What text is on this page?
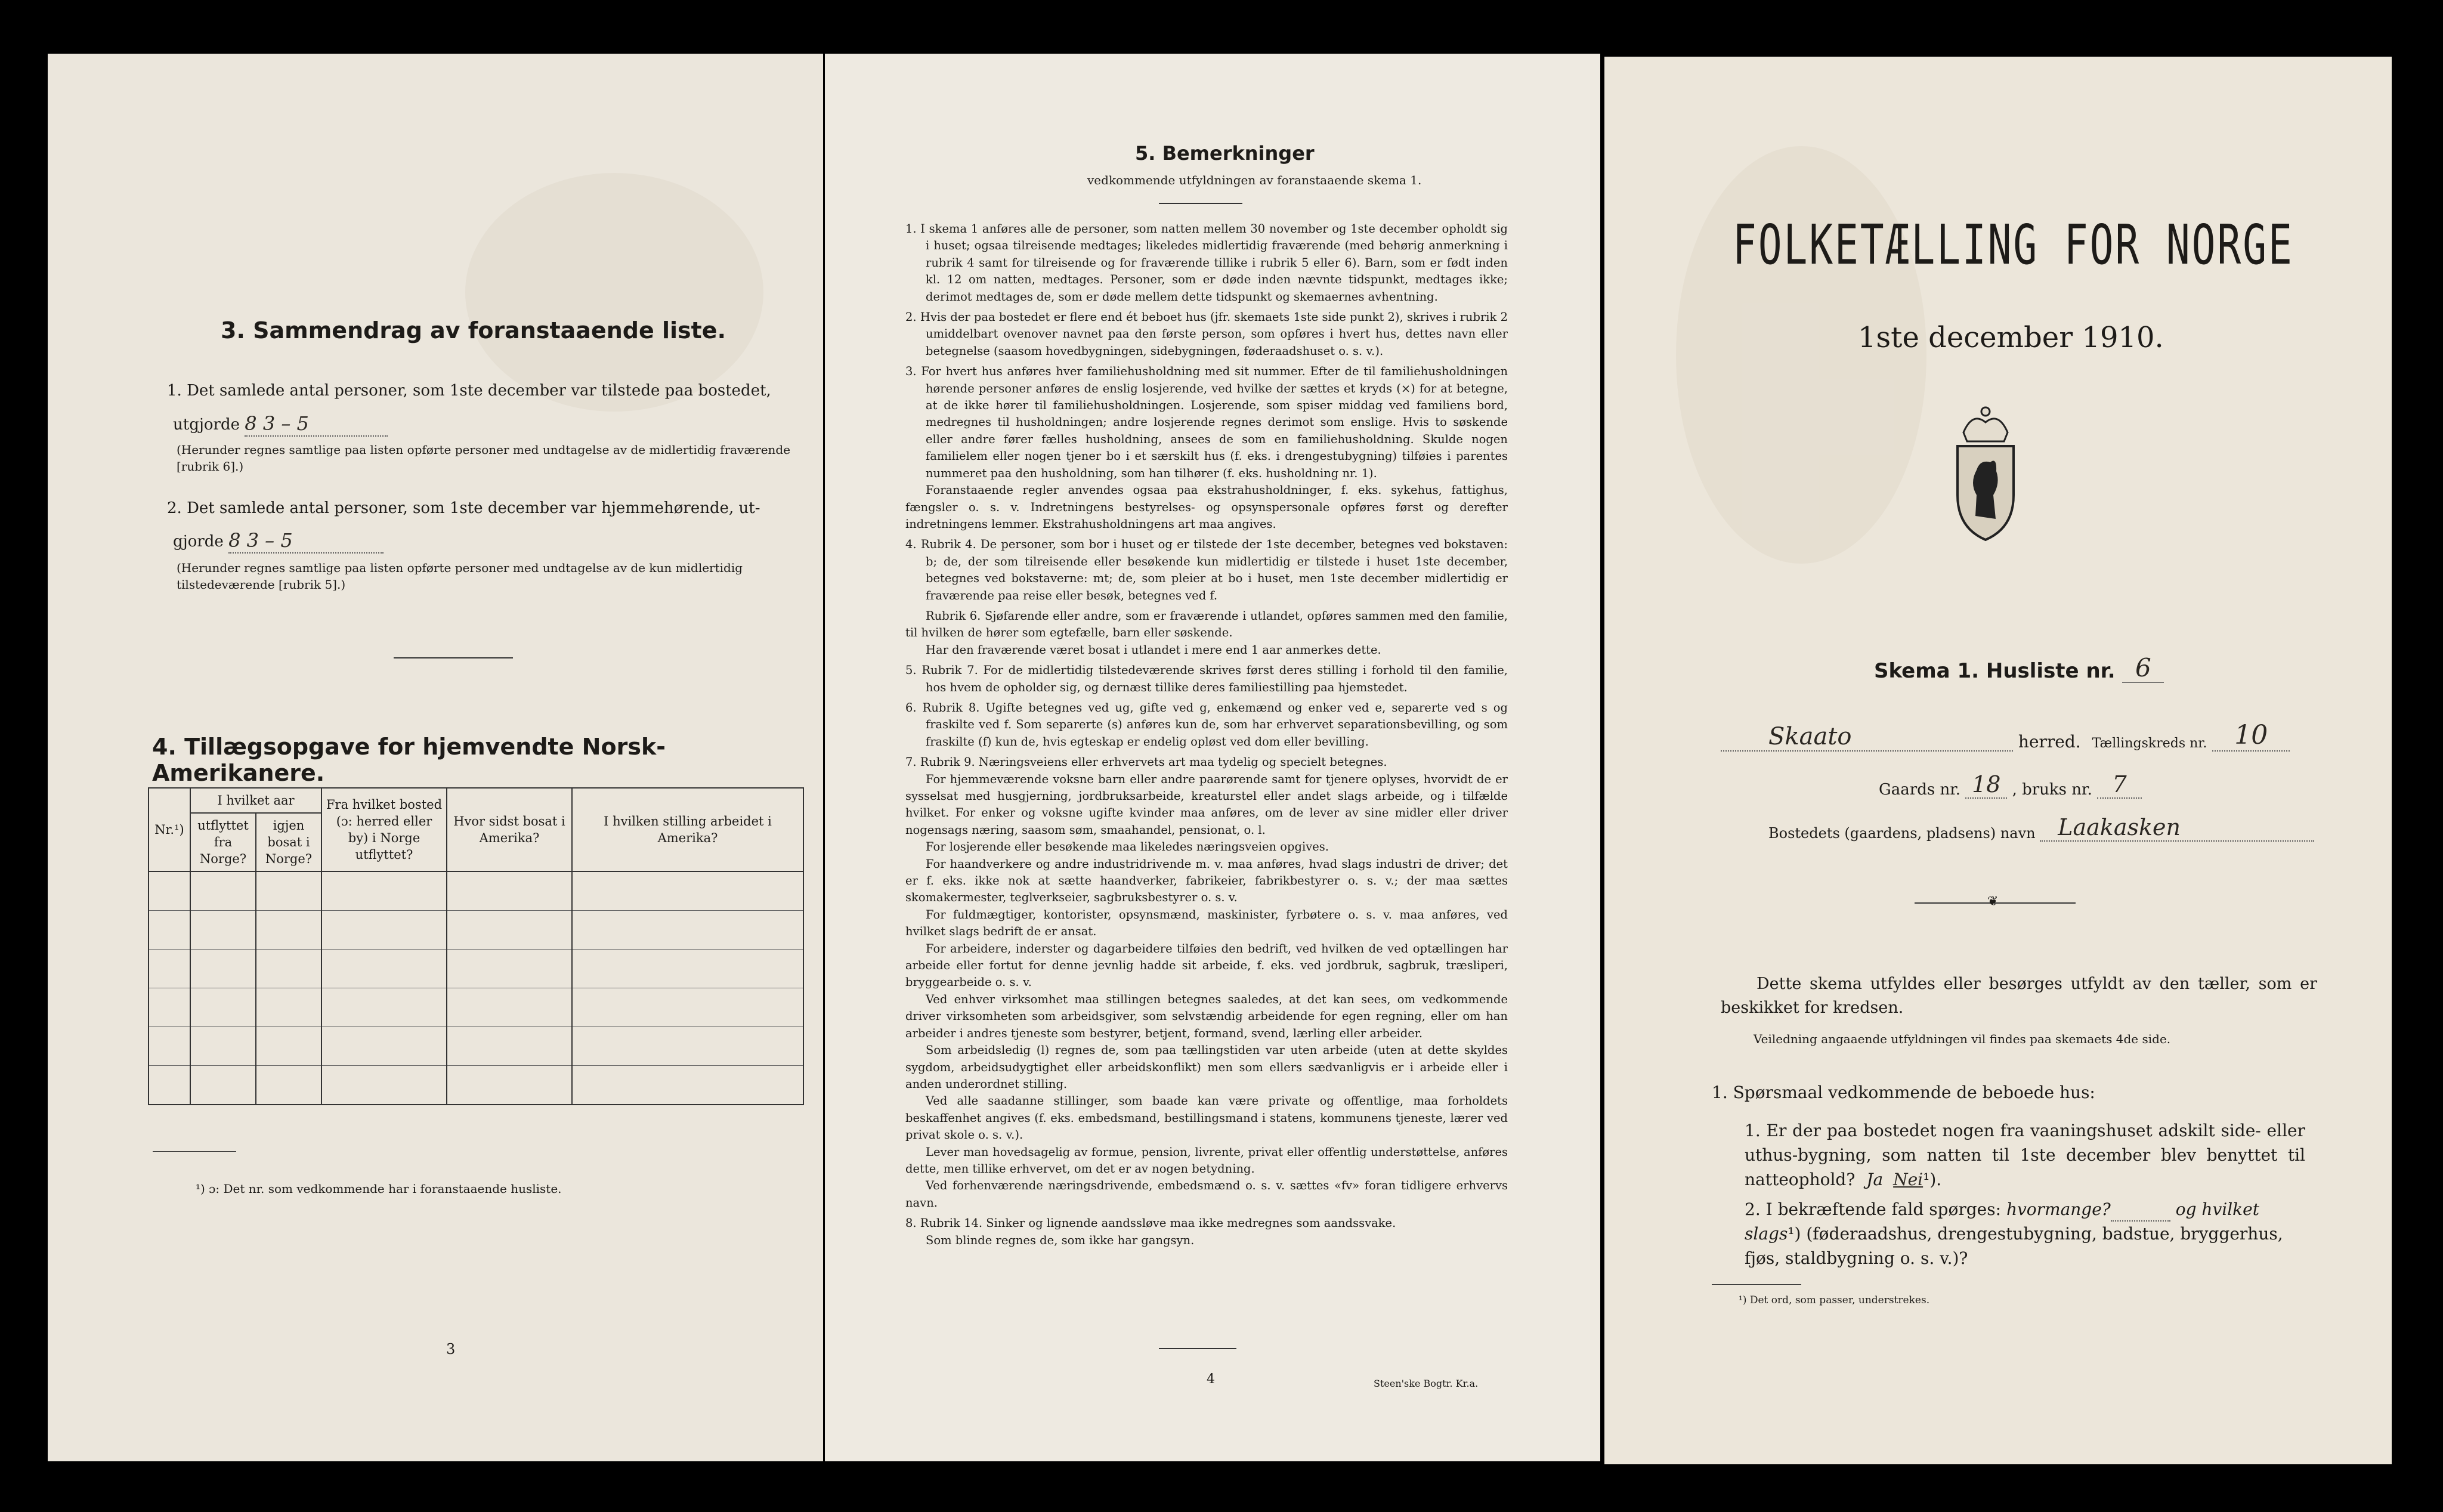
3. Sammendrag av foranstaaende liste.
1. Det samlede antal personer, som 1ste december var tilstede paa bostedet,
utgjorde 8 3 – 5
(Herunder regnes samtlige paa listen opførte personer med undtagelse av de midlertidig fraværende [rubrik 6].)
2. Det samlede antal personer, som 1ste december var hjemmehørende, ut-
gjorde 8 3 – 5
(Herunder regnes samtlige paa listen opførte personer med undtagelse av de kun midlertidig tilstedeværende [rubrik 5].)
4. Tillægsopgave for hjemvendte Norsk-Amerikanere.
Nr.¹)	I hvilket aar		Fra hvilket bosted (ɔ: herred eller by) i Norge utflyttet?	Hvor sidst bosat i Amerika?	I hvilken stilling arbeidet i Amerika?
	utflyttet fra Norge?	igjen bosat i Norge?			

¹) ɔ: Det nr. som vedkommende har i foranstaaende husliste.
3
5. Bemerkninger
vedkommende utfyldningen av foranstaaende skema 1.

1. I skema 1 anføres alle de personer, som natten mellem 30 november og 1ste december opholdt sig i huset; ogsaa tilreisende medtages; likeledes midlertidig fraværende (med behørig anmerkning i rubrik 4 samt for tilreisende og for fraværende tillike i rubrik 5 eller 6). Barn, som er født inden kl. 12 om natten, medtages. Personer, som er døde inden nævnte tidspunkt, medtages ikke; derimot medtages de, som er døde mellem dette tidspunkt og skemaernes avhentning.

2. Hvis der paa bostedet er flere end ét beboet hus (jfr. skemaets 1ste side punkt 2), skrives i rubrik 2 umiddelbart ovenover navnet paa den første person, som opføres i hvert hus, dettes navn eller betegnelse (saasom hovedbygningen, sidebygningen, føderaadshuset o. s. v.).

3. For hvert hus anføres hver familiehusholdning med sit nummer. Efter de til familiehusholdningen hørende personer anføres de enslig losjerende, ved hvilke der sættes et kryds (×) for at betegne, at de ikke hører til familiehusholdningen. Losjerende, som spiser middag ved familiens bord, medregnes til husholdningen; andre losjerende regnes derimot som enslige. Hvis to søskende eller andre fører fælles husholdning, ansees de som en familiehusholdning. Skulde nogen familielem eller nogen tjener bo i et særskilt hus (f. eks. i drengestubygning) tilføies i parentes nummeret paa den husholdning, som han tilhører (f. eks. husholdning nr. 1).

Foranstaaende regler anvendes ogsaa paa ekstrahusholdninger, f. eks. sykehus, fattighus, fængsler o. s. v. Indretningens bestyrelses- og opsynspersonale opføres først og derefter indretningens lemmer. Ekstrahusholdningens art maa angives.

4. Rubrik 4. De personer, som bor i huset og er tilstede der 1ste december, betegnes ved bokstaven: b; de, der som tilreisende eller besøkende kun midlertidig er tilstede i huset 1ste december, betegnes ved bokstaverne: mt; de, som pleier at bo i huset, men 1ste december midlertidig er fraværende paa reise eller besøk, betegnes ved f.

Rubrik 6. Sjøfarende eller andre, som er fraværende i utlandet, opføres sammen med den familie, til hvilken de hører som egtefælle, barn eller søskende.

Har den fraværende været bosat i utlandet i mere end 1 aar anmerkes dette.

5. Rubrik 7. For de midlertidig tilstedeværende skrives først deres stilling i forhold til den familie, hos hvem de opholder sig, og dernæst tillike deres familiestilling paa hjemstedet.

6. Rubrik 8. Ugifte betegnes ved ug, gifte ved g, enkemænd og enker ved e, separerte ved s og fraskilte ved f. Som separerte (s) anføres kun de, som har erhvervet separationsbevilling, og som fraskilte (f) kun de, hvis egteskap er endelig opløst ved dom eller bevilling.

7. Rubrik 9. Næringsveiens eller erhvervets art maa tydelig og specielt betegnes.

For hjemmeværende voksne barn eller andre paarørende samt for tjenere oplyses, hvorvidt de er sysselsat med husgjerning, jordbruksarbeide, kreaturstel eller andet slags arbeide, og i tilfælde hvilket. For enker og voksne ugifte kvinder maa anføres, om de lever av sine midler eller driver nogensags næring, saasom søm, smaahandel, pensionat, o. l.

For losjerende eller besøkende maa likeledes næringsveien opgives.

For haandverkere og andre industridrivende m. v. maa anføres, hvad slags industri de driver; det er f. eks. ikke nok at sætte haandverker, fabrikeier, fabrikbestyrer o. s. v.; der maa sættes skomakermester, teglverkseier, sagbruksbestyrer o. s. v.

For fuldmægtiger, kontorister, opsynsmænd, maskinister, fyrbøtere o. s. v. maa anføres, ved hvilket slags bedrift de er ansat.

For arbeidere, inderster og dagarbeidere tilføies den bedrift, ved hvilken de ved optællingen har arbeide eller fortut for denne jevnlig hadde sit arbeide, f. eks. ved jordbruk, sagbruk, træsliperi, bryggearbeide o. s. v.

Ved enhver virksomhet maa stillingen betegnes saaledes, at det kan sees, om vedkommende driver virksomheten som arbeidsgiver, som selvstændig arbeidende for egen regning, eller om han arbeider i andres tjeneste som bestyrer, betjent, formand, svend, lærling eller arbeider.

Som arbeidsledig (l) regnes de, som paa tællingstiden var uten arbeide (uten at dette skyldes sygdom, arbeidsudygtighet eller arbeidskonflikt) men som ellers sædvanligvis er i arbeide eller i anden underordnet stilling.

Ved alle saadanne stillinger, som baade kan være private og offentlige, maa forholdets beskaffenhet angives (f. eks. embedsmand, bestillingsmand i statens, kommunens tjeneste, lærer ved privat skole o. s. v.).

Lever man hovedsagelig av formue, pension, livrente, privat eller offentlig understøttelse, anføres dette, men tillike erhvervet, om det er av nogen betydning.

Ved forhenværende næringsdrivende, embedsmænd o. s. v. sættes «fv» foran tidligere erhvervs navn.

8. Rubrik 14. Sinker og lignende aandssløve maa ikke medregnes som aandssvake.

Som blinde regnes de, som ikke har gangsyn.

4	Steen'ske Bogtr. Kr.a.
FOLKETÆLLING FOR NORGE
1ste december 1910.
Skema 1. Husliste nr. 6
Skaato	herred. Tællingskreds nr. 10
Gaards nr. 18 , bruks nr. 7
Bostedets (gaardens, pladsens) navn Laakasken
❦
Dette skema utfyldes eller besørges utfyldt av den tæller, som er beskikket for kredsen.
Veiledning angaaende utfyldningen vil findes paa skemaets 4de side.
1. Spørsmaal vedkommende de beboede hus:
1. Er der paa bostedet nogen fra vaaningshuset adskilt side- eller uthus-bygning, som natten til 1ste december blev benyttet til natteophold? Ja Nei¹).
2. I bekræftende fald spørges: hvormange?	og hvilket slags¹) (føderaadshus, drengestubygning, badstue, bryggerhus, fjøs, staldbygning o. s. v.)?
¹) Det ord, som passer, understrekes.
